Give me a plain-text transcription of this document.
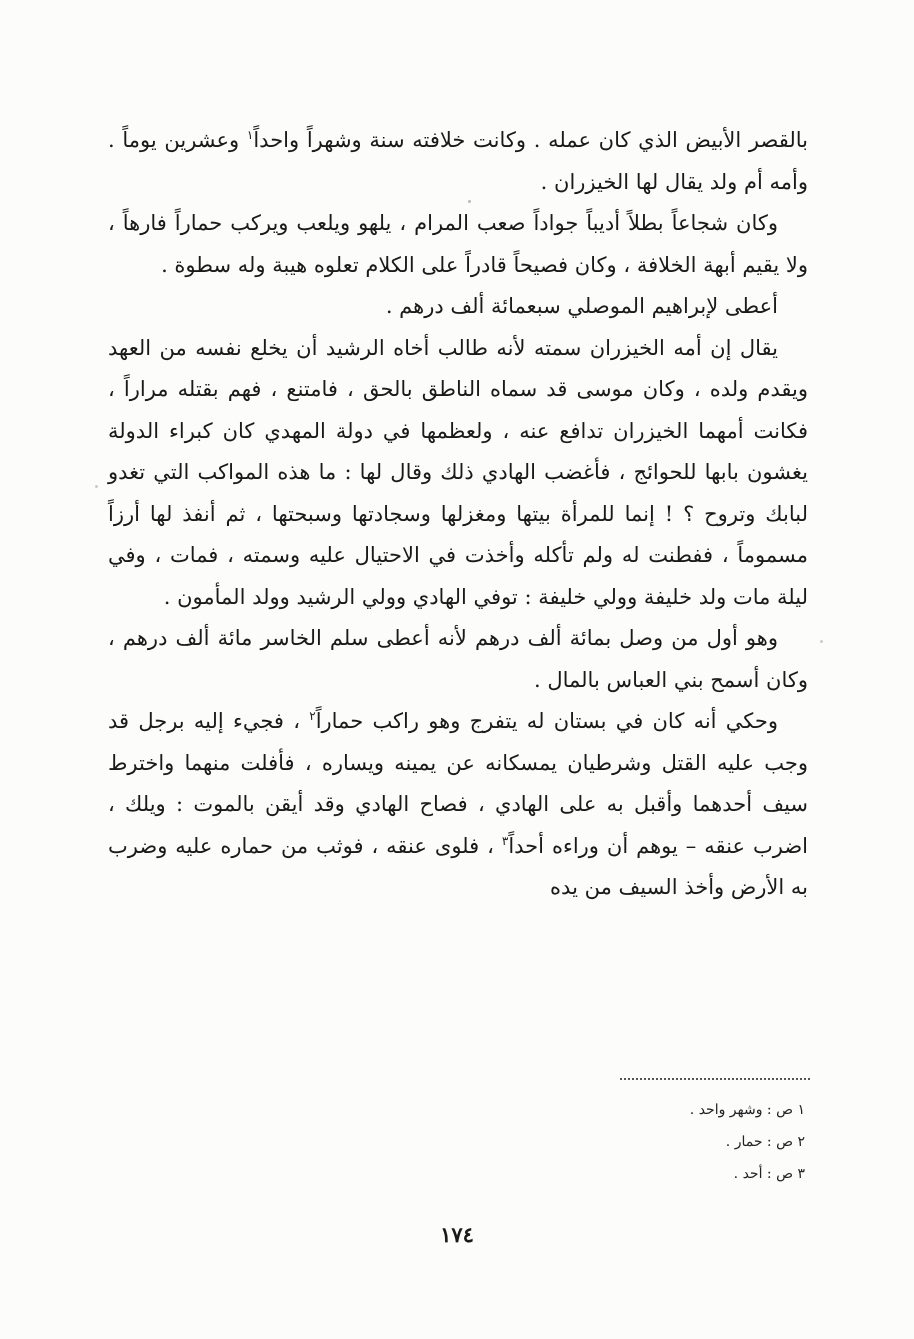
بالقصر الأبيض الذي كان عمله . وكانت خلافته سنة وشهراً واحداً$^١$ وعشرين يوماً . وأمه أم ولد يقال لها الخيزران .

وكان شجاعاً بطلاً أديباً جواداً صعب المرام ، يلهو ويلعب ويركب حماراً فارهاً ، ولا يقيم أبهة الخلافة ، وكان فصيحاً قادراً على الكلام تعلوه هيبة وله سطوة .

أعطى لإبراهيم الموصلي سبعمائة ألف درهم .

يقال إن أمه الخيزران سمته لأنه طالب أخاه الرشيد أن يخلع نفسه من العهد ويقدم ولده ، وكان موسى قد سماه الناطق بالحق ، فامتنع ، فهم بقتله مراراً ، فكانت أمهما الخيزران تدافع عنه ، ولعظمها في دولة المهدي كان كبراء الدولة يغشون بابها للحوائج ، فأغضب الهادي ذلك وقال لها : ما هذه المواكب التي تغدو لبابك وتروح ؟ ! إنما للمرأة بيتها ومغزلها وسجادتها وسبحتها ، ثم أنفذ لها أرزاً مسموماً ، ففطنت له ولم تأكله وأخذت في الاحتيال عليه وسمته ، فمات ، وفي ليلة مات ولد خليفة وولي خليفة : توفي الهادي وولي الرشيد وولد المأمون .

وهو أول من وصل بمائة ألف درهم لأنه أعطى سلم الخاسر مائة ألف درهم ، وكان أسمح بني العباس بالمال .

وحكي أنه كان في بستان له يتفرج وهو راكب حماراً$^٢$ ، فجيء إليه برجل قد وجب عليه القتل وشرطيان يمسكانه عن يمينه ويساره ، فأفلت منهما واخترط سيف أحدهما وأقبل به على الهادي ، فصاح الهادي وقد أيقن بالموت : ويلك ، اضرب عنقه – يوهم أن وراءه أحداً$^٣$ ، فلوى عنقه ، فوثب من حماره عليه وضرب به الأرض وأخذ السيف من يده

١ ص : وشهر واحد .
٢ ص : حمار .
٣ ص : أحد .
١٧٤
